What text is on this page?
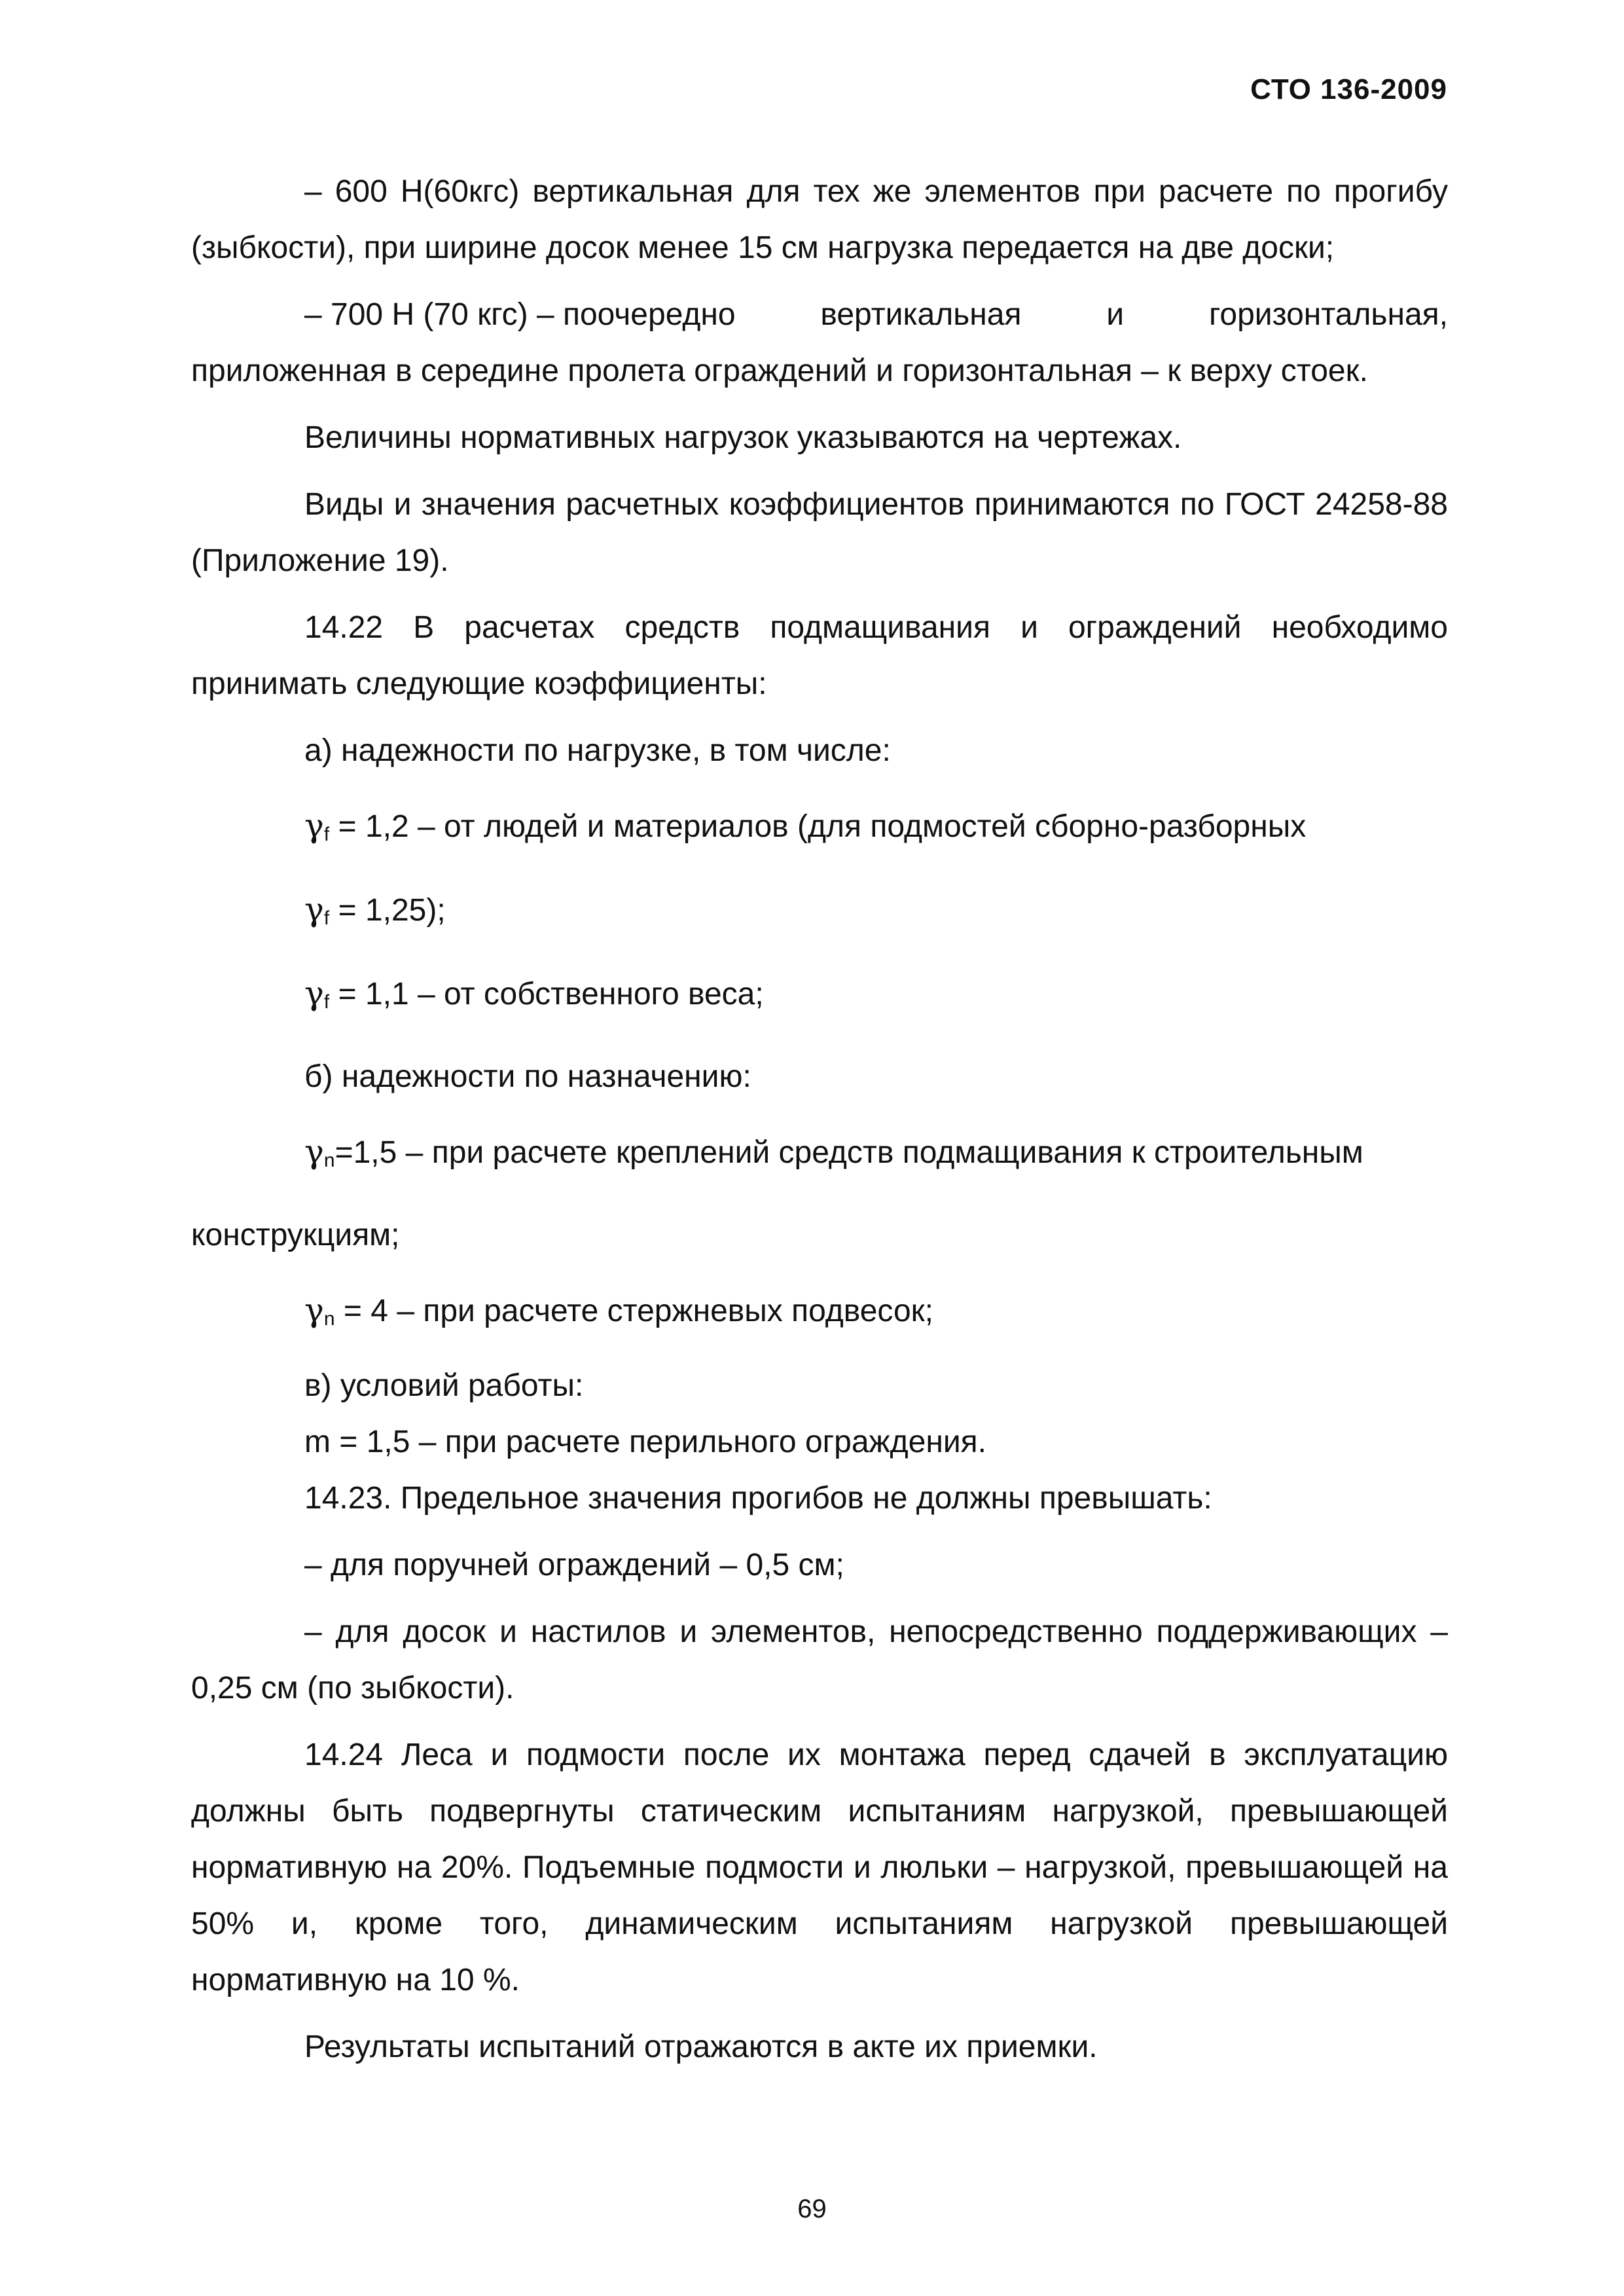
СТО 136-2009

– 600 Н(60кгс) вертикальная для тех же элементов при расчете по прогибу (зыбкости), при ширине досок менее 15 см нагрузка передается на две доски;

– 700 Н (70 кгс) – поочередно	вертикальная	и	горизонтальная,

приложенная в середине пролета ограждений и горизонтальная – к верху стоек.

Величины нормативных нагрузок указываются на чертежах.

Виды и значения расчетных коэффициентов принимаются по ГОСТ 24258-88 (Приложение 19).

14.22 В расчетах средств подмащивания и ограждений необходимо принимать следующие коэффициенты:

а) надежности по нагрузке, в том числе:

$\gamma_f = 1,2$ – от людей и материалов (для подмостей сборно-разборных

$\gamma_f = 1,25$);

$\gamma_f = 1,1$ – от собственного веса;

б) надежности по назначению:

$\gamma_n=1,5$ – при расчете креплений средств подмащивания к строительным

конструкциям;

$\gamma_n = 4$ – при расчете стержневых подвесок;

в) условий работы:

m = 1,5 – при расчете перильного ограждения.

14.23. Предельное значения прогибов не должны превышать:

– для поручней ограждений – 0,5 см;

– для досок и настилов и элементов, непосредственно поддерживающих – 0,25 см (по зыбкости).

14.24 Леса и подмости после их монтажа перед сдачей в эксплуатацию должны быть подвергнуты статическим испытаниям нагрузкой, превышающей нормативную на 20%. Подъемные подмости и люльки – нагрузкой, превышающей на 50% и, кроме того, динамическим испытаниям нагрузкой превышающей нормативную на 10 %.

Результаты испытаний отражаются в акте их приемки.

69
